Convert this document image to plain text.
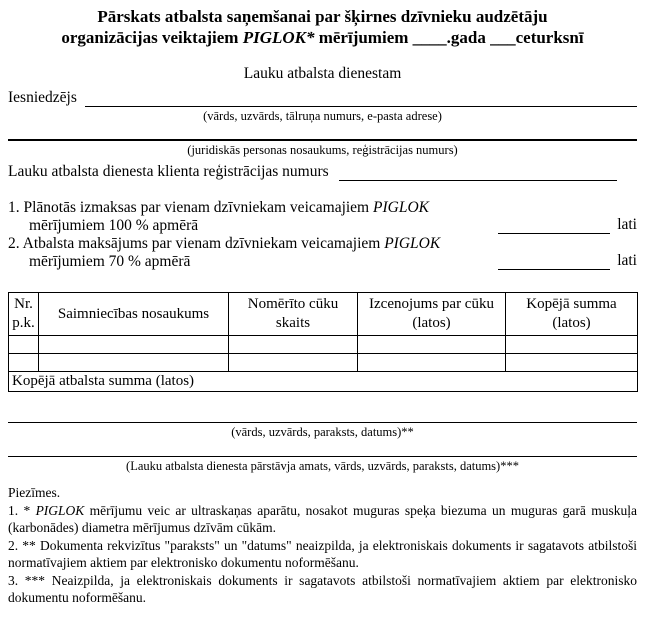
Pārskats atbalsta saņemšanai par šķirnes dzīvnieku audzētāju
organizācijas veiktajiem PIGLOK* mērījumiem ____.gada ___ceturksnī
Lauku atbalsta dienestam
Iesniedzējs
(vārds, uzvārds, tālruņa numurs, e-pasta adrese)
(juridiskās personas nosaukums, reģistrācijas numurs)
Lauku atbalsta dienesta klienta reģistrācijas numurs
1. Plānotās izmaksas par vienam dzīvniekam veicamajiem PIGLOK
mērījumiem 100 % apmērā	lati
2. Atbalsta maksājums par vienam dzīvniekam veicamajiem PIGLOK
mērījumiem 70 % apmērā	lati
Nr. p.k.	Saimniecības nosaukums	Nomērīto cūku skaits	Izcenojums par cūku (latos)	Kopējā summa (latos)

Kopējā atbalsta summa (latos)				
(vārds, uzvārds, paraksts, datums)**
(Lauku atbalsta dienesta pārstāvja amats, vārds, uzvārds, paraksts, datums)***
Piezīmes.
1. * PIGLOK mērījumu veic ar ultraskaņas aparātu, nosakot muguras speķa biezuma un muguras garā muskuļa (karbonādes) diametra mērījumus dzīvām cūkām.
2. ** Dokumenta rekvizītus "paraksts" un "datums" neaizpilda, ja elektroniskais dokuments ir sagatavots atbilstoši normatīvajiem aktiem par elektronisko dokumentu noformēšanu.
3. *** Neaizpilda, ja elektroniskais dokuments ir sagatavots atbilstoši normatīvajiem aktiem par elektronisko dokumentu noformēšanu.
